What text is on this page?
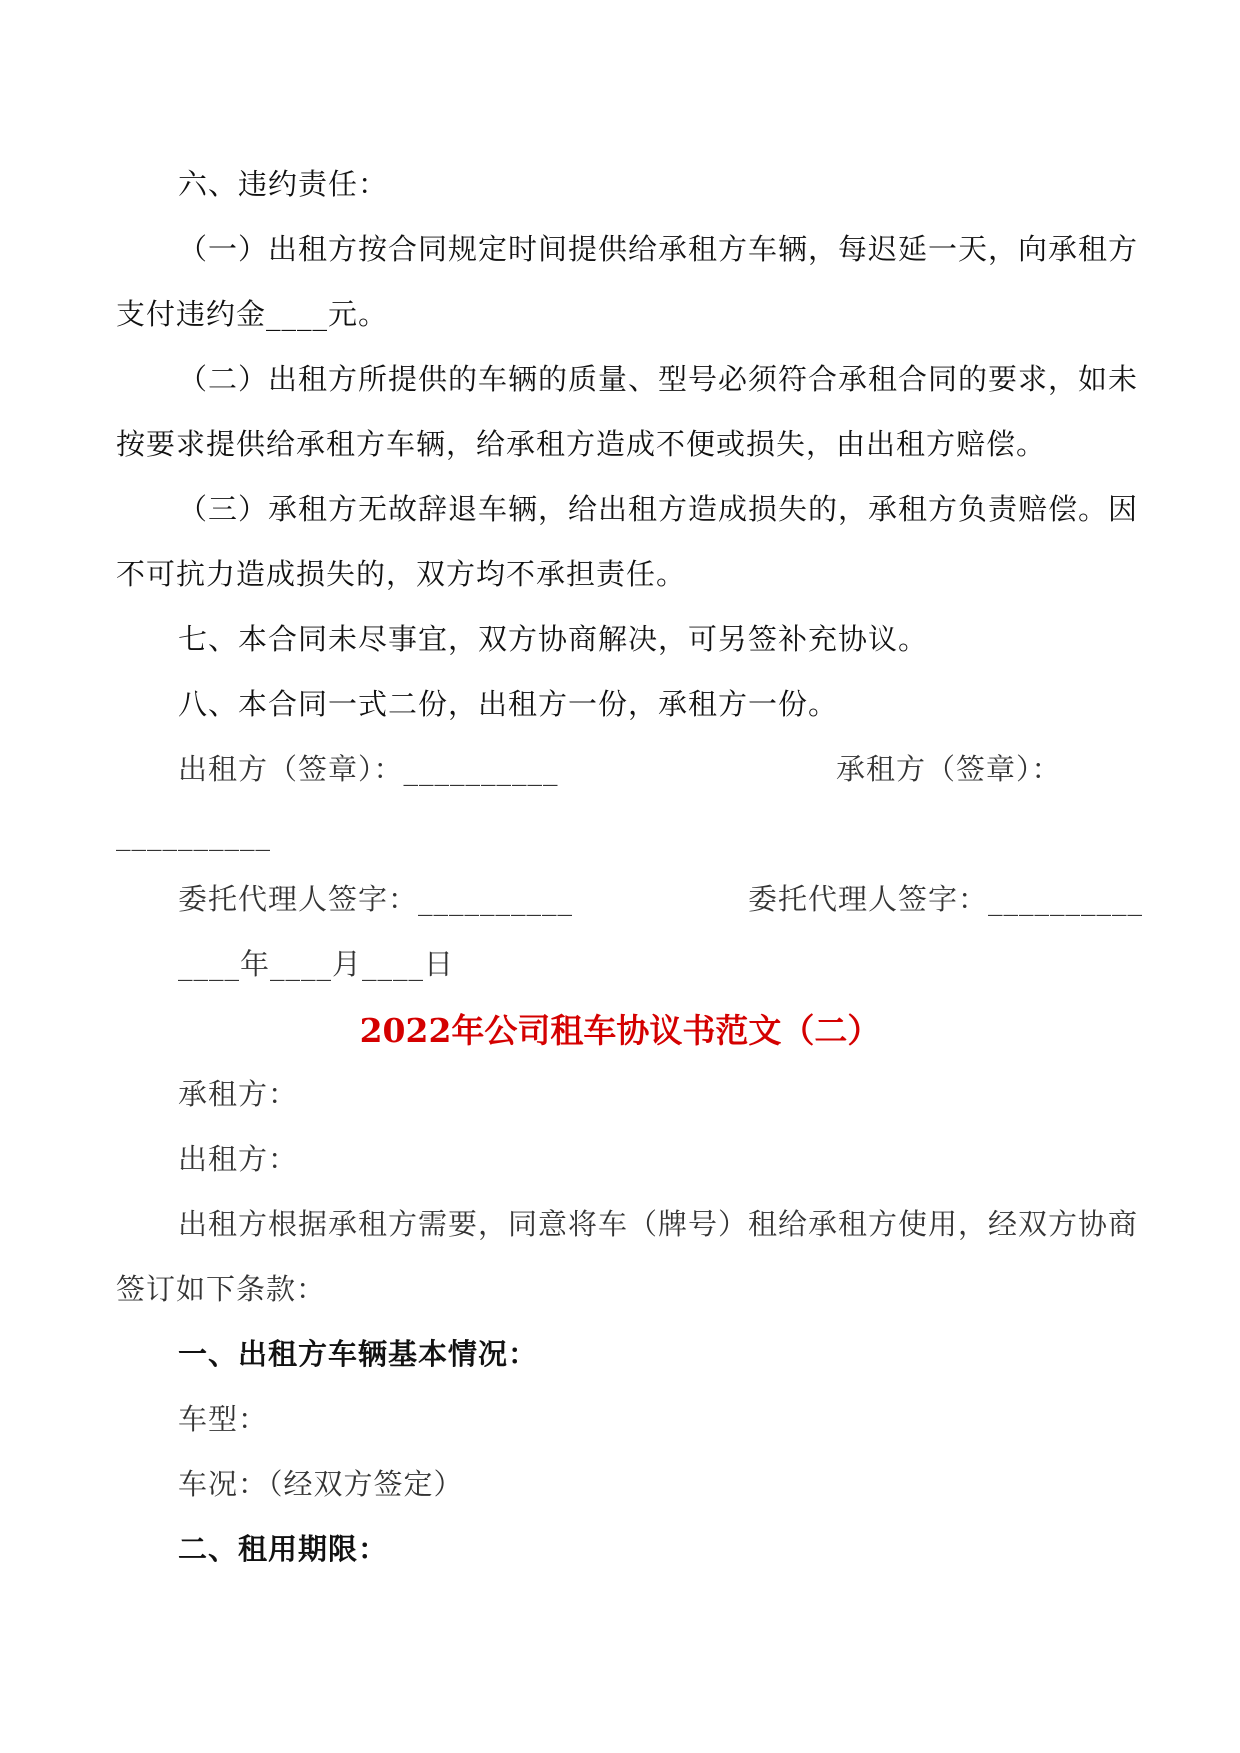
六、违约责任：
（一）出租方按合同规定时间提供给承租方车辆，每迟延一天，向承租方
支付违约金____元。
（二）出租方所提供的车辆的质量、型号必须符合承租合同的要求，如未
按要求提供给承租方车辆，给承租方造成不便或损失，由出租方赔偿。
（三）承租方无故辞退车辆，给出租方造成损失的，承租方负责赔偿。因
不可抗力造成损失的，双方均不承担责任。
七、本合同未尽事宜，双方协商解决，可另签补充协议。
八、本合同一式二份，出租方一份，承租方一份。
出租方（签章）：__________	承租方（签章）：
__________
委托代理人签字：__________	委托代理人签字：__________
____年____月____日
2022年公司租车协议书范文（二）
承租方：
出租方：
出租方根据承租方需要，同意将车（牌号）租给承租方使用，经双方协商
签订如下条款：
一、出租方车辆基本情况：
车型：
车况：（经双方签定）
二、租用期限：
